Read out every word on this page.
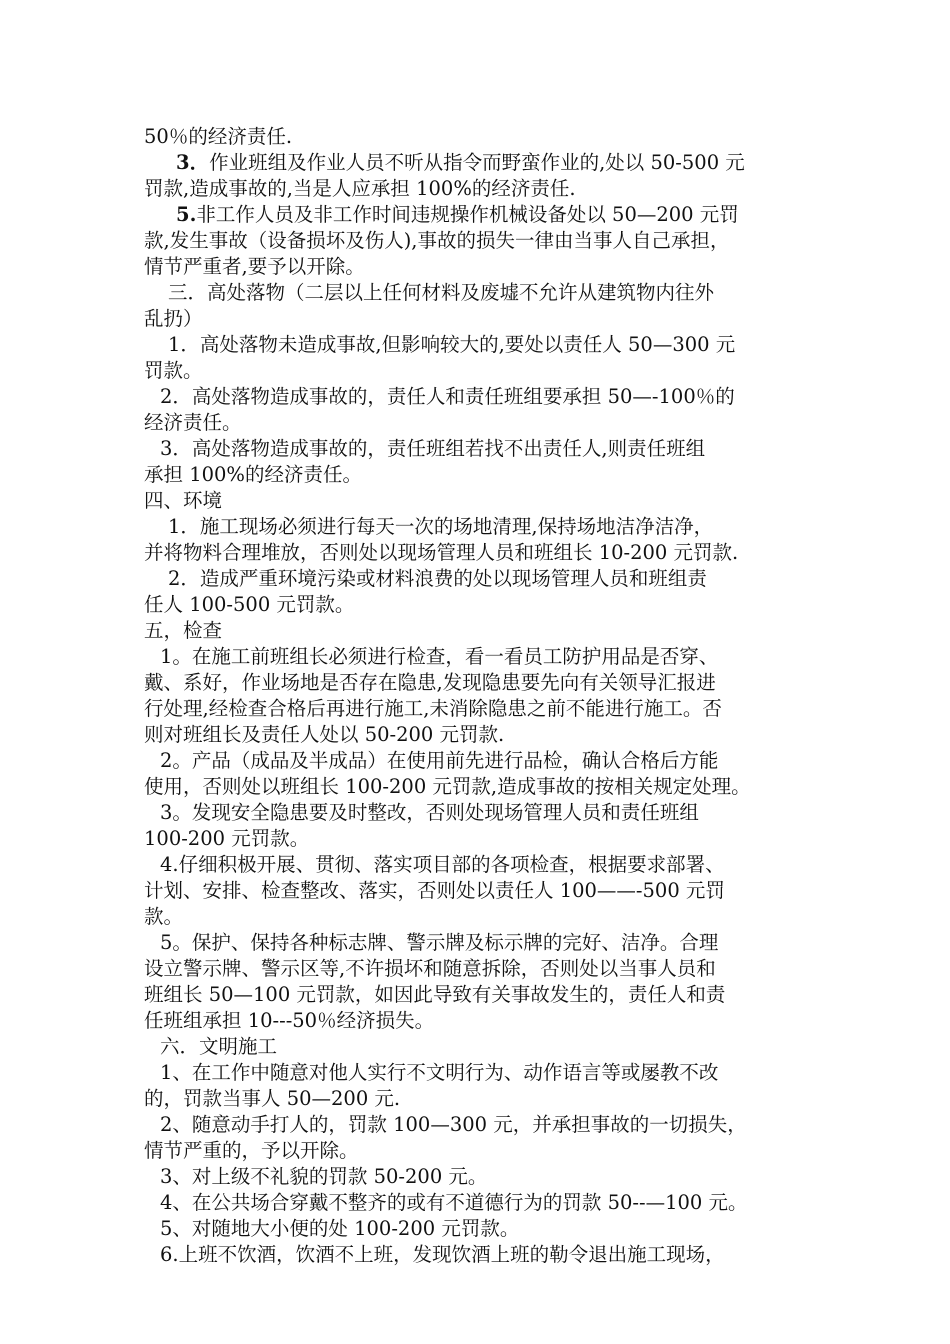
50％的经济责任.
3．作业班组及作业人员不听从指令而野蛮作业的,处以 50-500 元
罚款,造成事故的,当是人应承担 100%的经济责任.
5.非工作人员及非工作时间违规操作机械设备处以 50—200 元罚
款,发生事故（设备损坏及伤人),事故的损失一律由当事人自己承担，
情节严重者,要予以开除。
三．高处落物（二层以上任何材料及废墟不允许从建筑物内往外
乱扔）
1．高处落物未造成事故,但影响较大的,要处以责任人 50—300 元
罚款。
2．高处落物造成事故的，责任人和责任班组要承担 50—-100％的
经济责任。
3．高处落物造成事故的，责任班组若找不出责任人,则责任班组
承担 100%的经济责任。
四、环境
1．施工现场必须进行每天一次的场地清理,保持场地洁净洁净，
并将物料合理堆放，否则处以现场管理人员和班组长 10-200 元罚款.
2．造成严重环境污染或材料浪费的处以现场管理人员和班组责
任人 100-500 元罚款。
五，检查
1。在施工前班组长必须进行检查，看一看员工防护用品是否穿、
戴、系好，作业场地是否存在隐患,发现隐患要先向有关领导汇报进
行处理,经检查合格后再进行施工,未消除隐患之前不能进行施工。否
则对班组长及责任人处以 50-200 元罚款.
2。产品（成品及半成品）在使用前先进行品检，确认合格后方能
使用，否则处以班组长 100-200 元罚款,造成事故的按相关规定处理。
3。发现安全隐患要及时整改，否则处现场管理人员和责任班组
100-200 元罚款。
4.仔细积极开展、贯彻、落实项目部的各项检查，根据要求部署、
计划、安排、检查整改、落实，否则处以责任人 100——-500 元罚
款。
5。保护、保持各种标志牌、警示牌及标示牌的完好、洁净。合理
设立警示牌、警示区等,不许损坏和随意拆除，否则处以当事人员和
班组长 50—100 元罚款，如因此导致有关事故发生的，责任人和责
任班组承担 10---50％经济损失。
六．文明施工
1、在工作中随意对他人实行不文明行为、动作语言等或屡教不改
的，罚款当事人 50—200 元.
2、随意动手打人的，罚款 100—300 元，并承担事故的一切损失，
情节严重的，予以开除。
3、对上级不礼貌的罚款 50-200 元。
4、在公共场合穿戴不整齐的或有不道德行为的罚款 50--—100 元。
5、对随地大小便的处 100-200 元罚款。
6.上班不饮酒，饮酒不上班，发现饮酒上班的勒令退出施工现场，
